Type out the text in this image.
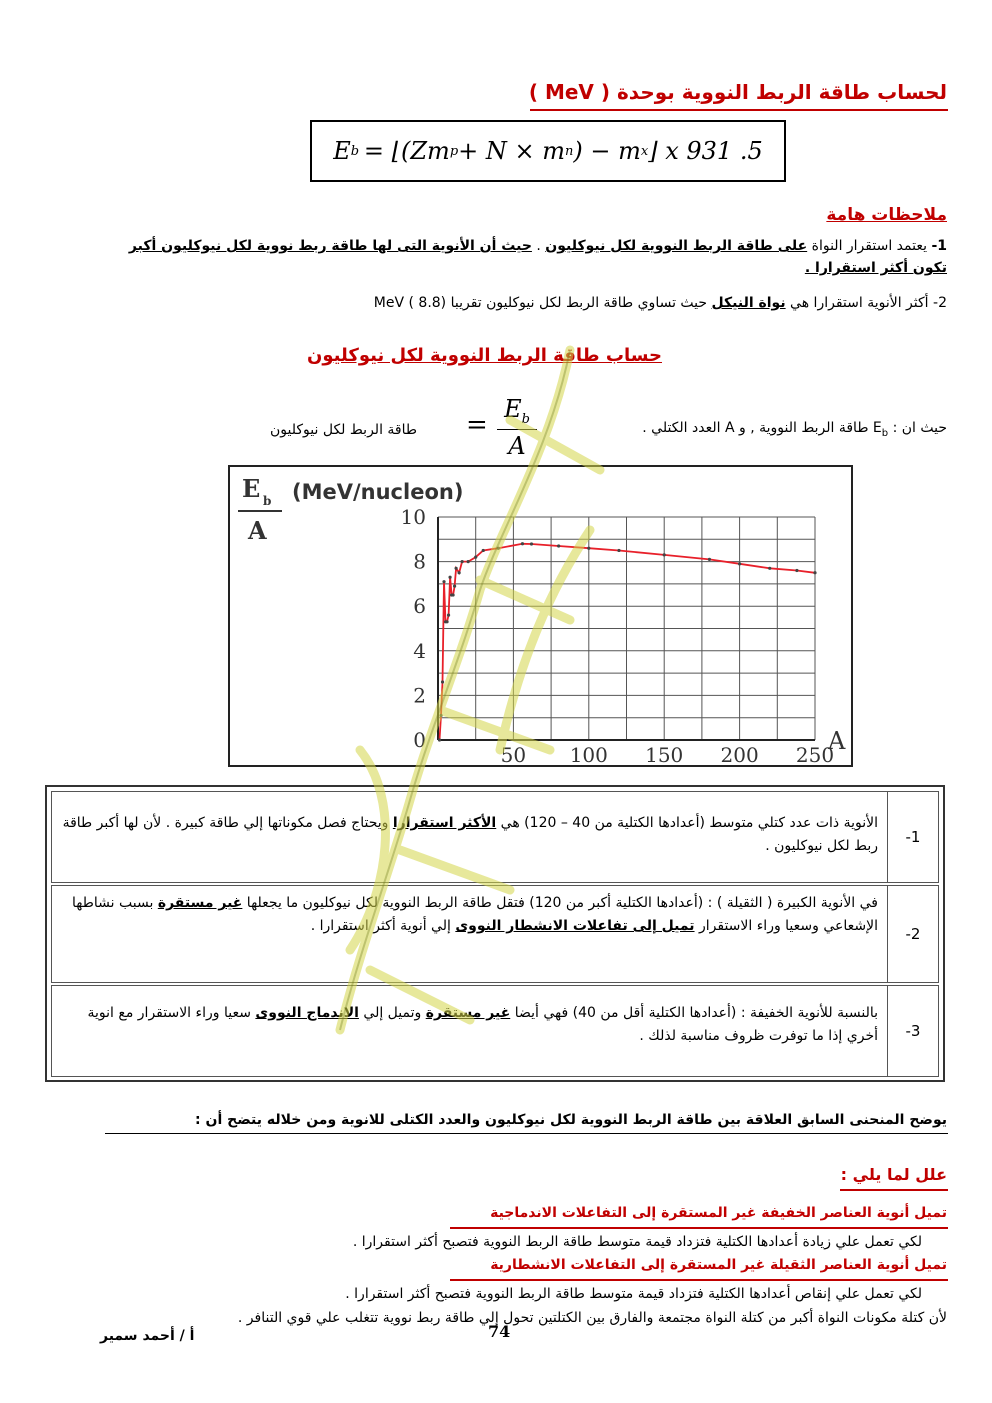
لحساب طاقة الربط النووية بوحدة ( MeV )
E b
  = ⌊(Zm p + N × m n ) − m x ⌋ x 931 .5
ملاحظات هامة
1- يعتمد استقرار النواة على طاقة الربط النووية لكل نيوكليون . حيث أن الأنوية التى لها طاقة ربط نووية لكل نيوكليون أكبر تكون أكثر استقرارا .
2- أكثر الأنوية استقرارا هي نواة النيكل حيث تساوي طاقة الربط لكل نيوكليون تقريبا MeV ( 8.8)
حساب طاقة الربط النووية لكل نيوكليون
حيث ان : $E_b$ طاقة الربط النووية , و A العدد الكتلي .
$E_b$
A
=
طاقة الربط لكل نيوكليون
0
2
4
6
8
10
50 100 150 200 250
E b
A
(MeV/nucleon)
A
-1
الأنوية ذات عدد كتلي متوسط (أعدادها الكتلية من 40 – 120) هي الأكثر استقرارا ويحتاج فصل مكوناتها إلي طاقة كبيرة . لأن لها أكبر طاقة ربط لكل نيوكليون .
-2
في الأنوية الكبيرة ( الثقيلة ) : (أعدادها الكتلية أكبر من 120) فتقل طاقة الربط النووية لكل نيوكليون ما يجعلها غير مستقرة بسبب نشاطها الإشعاعي وسعيا وراء الاستقرار تميل إلى تفاعلات الانشطار النووى إلي أنوية أكثر استقرارا .
-3
بالنسبة للأنوية الخفيفة : (أعدادها الكتلية أقل من 40) فهي أيضا غير مستقرة وتميل إلي الاندماج النووى سعيا وراء الاستقرار مع انوية أخري إذا ما توفرت ظروف مناسبة لذلك .
يوضح المنحنى السابق العلاقة بين طاقة الربط النووية لكل نيوكليون والعدد الكتلى للانوية ومن خلاله يتضح أن :
علل لما يلي :
تميل أنوية العناصر الخفيفة غير المستقرة إلى التفاعلات الاندماجية
لكي تعمل علي زيادة أعدادها الكتلية فتزداد قيمة متوسط طاقة الربط النووية فتصبح أكثر استقرارا .
تميل أنوية العناصر الثقيلة غير المستقرة إلى التفاعلات الانشطارية
لكي تعمل علي إنقاص أعدادها الكتلية فتزداد قيمة متوسط طاقة الربط النووية فتصبح أكثر استقرارا .
لأن كتلة مكونات النواة أكبر من كتلة النواة مجتمعة والفارق بين الكتلتين تحول إلي طاقة ربط نووية تتغلب علي قوي التنافر .
74
أ / أحمد سمير
